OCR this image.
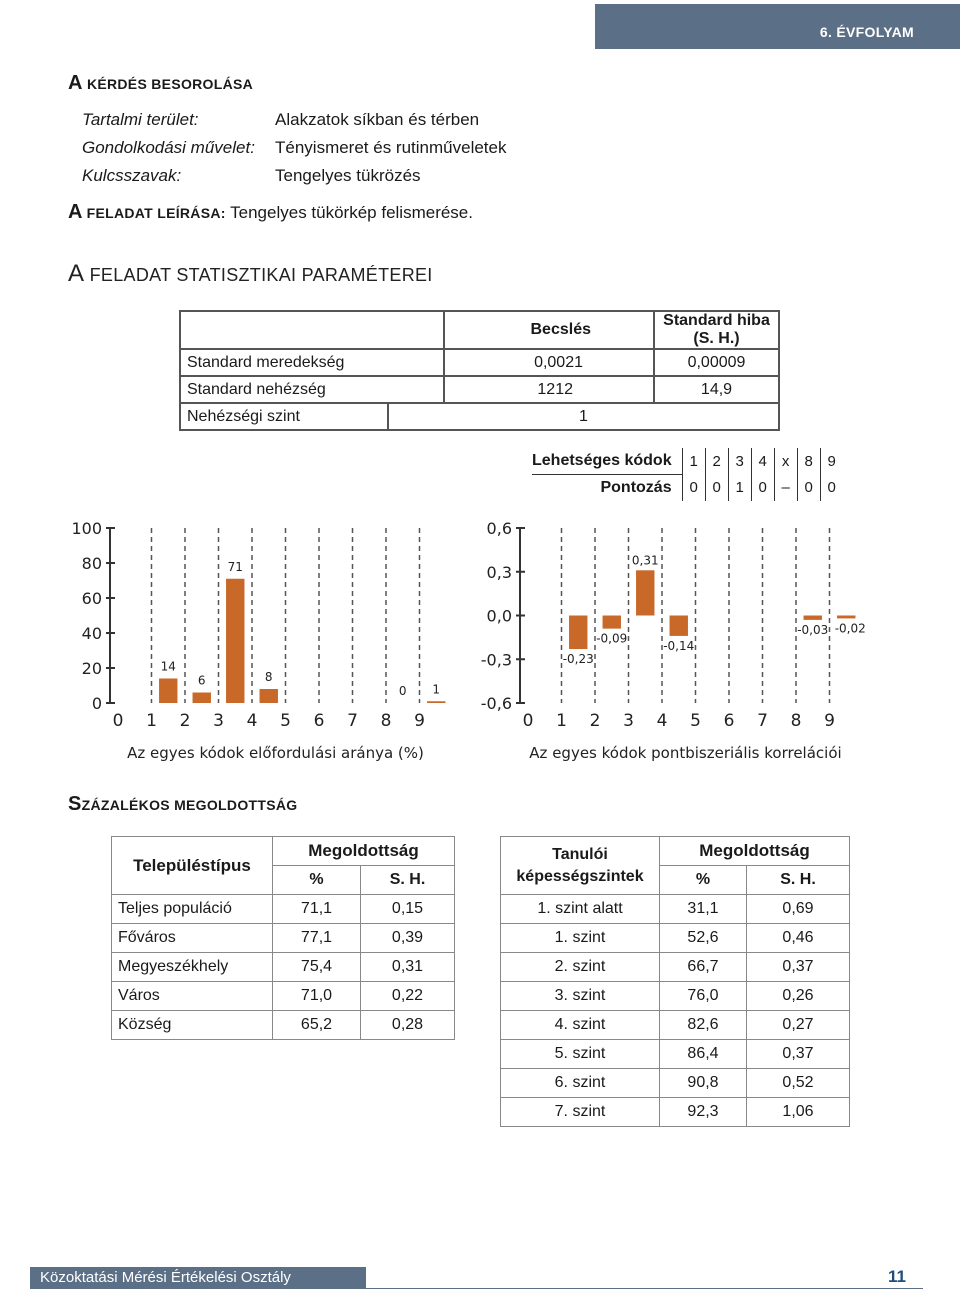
6. ÉVFOLYAM
A KÉRDÉS BESOROLÁSA
Tartalmi terület:	Alakzatok síkban és térben
Gondolkodási művelet: Tényismeret és rutinműveletek
Kulcsszavak:	Tengelyes tükrözés
A FELADAT LEÍRÁSA: Tengelyes tükörkép felismerése.
A FELADAT STATISZTIKAI PARAMÉTEREI
	Becslés	Standard hiba (S. H.)
Standard meredekség	0,0021	0,00009
Standard nehézség	1212	14,9
Nehézségi szint	1
Lehetséges kódok	1	2	3	4	x	8	9
Pontozás	0	0	1	0	–	0	0
100
80
60
40
20
0
14
6
71
8
0 1
0 1 2 3 4 5 6 7 8 9
Az egyes kódok előfordulási aránya (%)
0,6
0,3
0,0
-0,3
-0,6
-0,23
-0,09
0,31
-0,14
-0,03 -0,02
0 1 2 3 4 5 6 7 8 9
Az egyes kódok pontbiszeriális korrelációi
SZÁZALÉKOS MEGOLDOTTSÁG
Településtípus	Megoldottság	
	%	S. H.
Teljes populáció	71,1	0,15
Főváros	77,1	0,39
Megyeszékhely	75,4	0,31
Város	71,0	0,22
Község	65,2	0,28
Tanulói
képességszintek	Megoldottság	
	%	S. H.
1. szint alatt	31,1	0,69
1. szint	52,6	0,46
2. szint	66,7	0,37
3. szint	76,0	0,26
4. szint	82,6	0,27
5. szint	86,4	0,37
6. szint	90,8	0,52
7. szint	92,3	1,06
Közoktatási Mérési Értékelési Osztály	11
